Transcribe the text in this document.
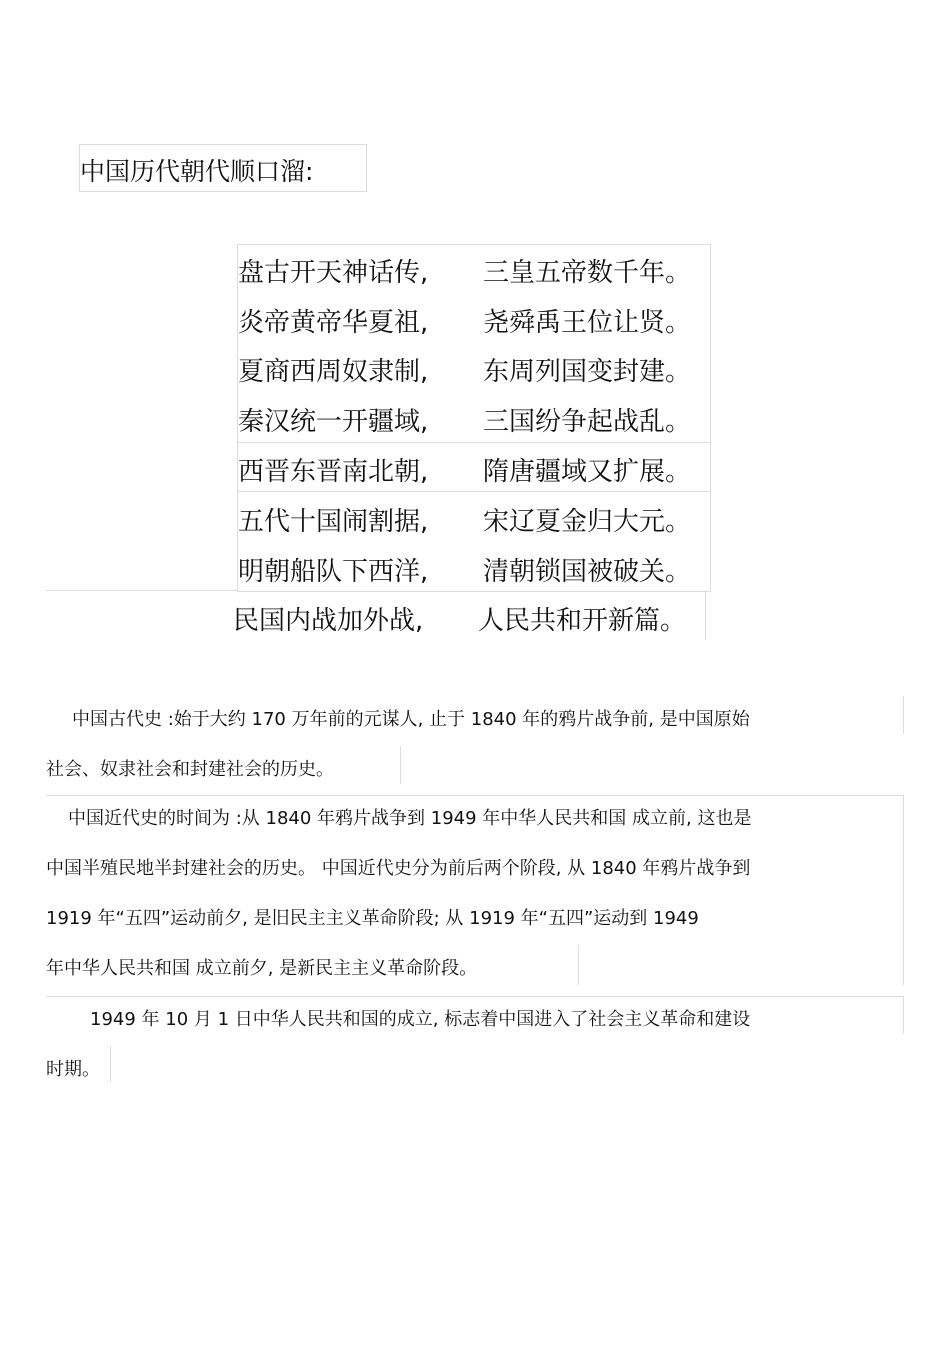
中国历代朝代顺口溜:
盘古开天神话传, 三皇五帝数千年。
炎帝黄帝华夏祖, 尧舜禹王位让贤。
夏商西周奴隶制, 东周列国变封建。
秦汉统一开疆域, 三国纷争起战乱。
西晋东晋南北朝, 隋唐疆域又扩展。
五代十国闹割据, 宋辽夏金归大元。
明朝船队下西洋, 清朝锁国被破关。
民国内战加外战, 人民共和开新篇。

中国古代史 :始于大约 170 万年前的元谋人, 止于 1840 年的鸦片战争前, 是中国原始
社会、奴隶社会和封建社会的历史。

中国近代史的时间为 :从 1840 年鸦片战争到 1949 年中华人民共和国 成立前, 这也是
中国半殖民地半封建社会的历史。 中国近代史分为前后两个阶段, 从 1840 年鸦片战争到
1919 年“五四”运动前夕, 是旧民主主义革命阶段; 从 1919 年“五四”运动到 1949
年中华人民共和国 成立前夕, 是新民主主义革命阶段。

1949 年 10 月 1 日中华人民共和国的成立, 标志着中国进入了社会主义革命和建设
时期。
